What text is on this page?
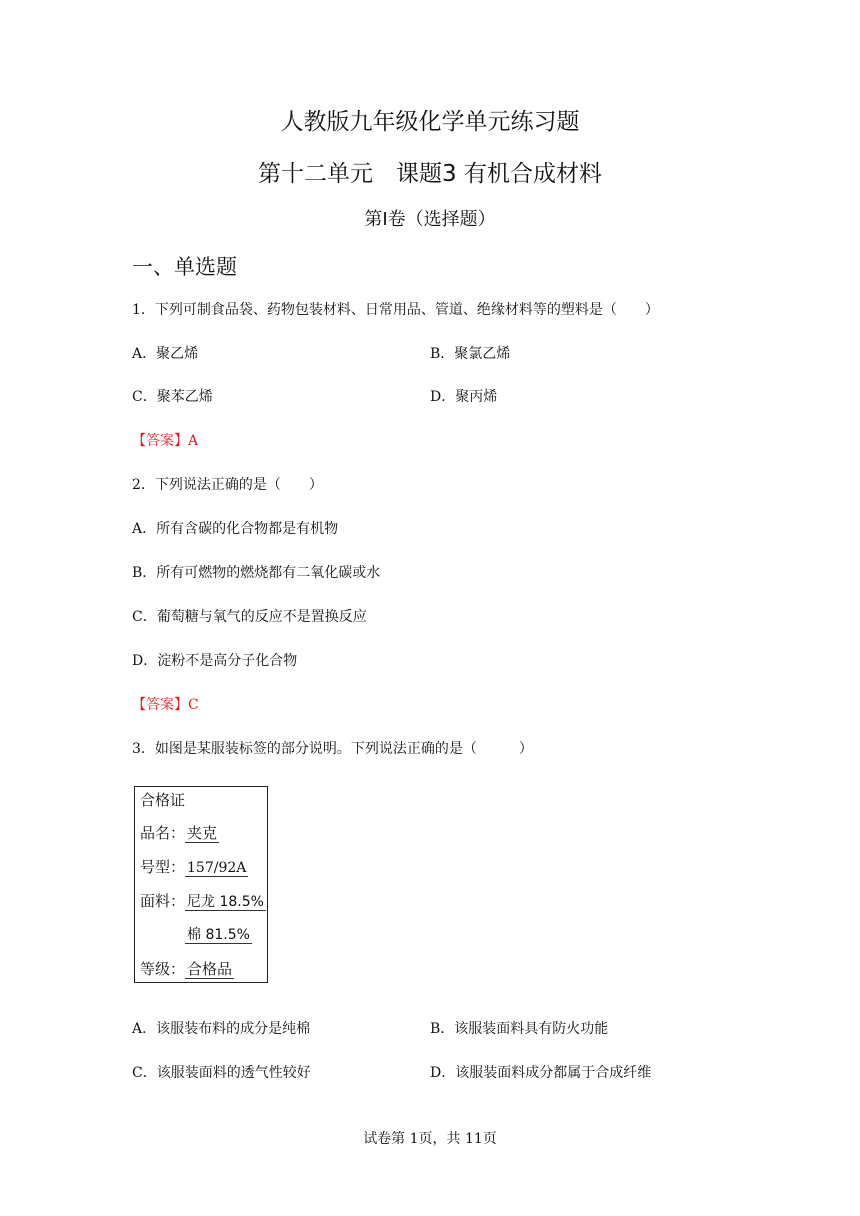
人教版九年级化学单元练习题
第十二单元　课题3 有机合成材料
第Ⅰ卷（选择题）
一、单选题
1．下列可制食品袋、药物包装材料、日常用品、管道、绝缘材料等的塑料是（　　）
A．聚乙烯	B．聚氯乙烯
C．聚苯乙烯	D．聚丙烯
【答案】A
2．下列说法正确的是（　　）
A．所有含碳的化合物都是有机物
B．所有可燃物的燃烧都有二氧化碳或水
C．葡萄糖与氧气的反应不是置换反应
D．淀粉不是高分子化合物
【答案】C
3．如图是某服装标签的部分说明。下列说法正确的是（　　　）
合格证
品名： 夹克
号型： 157/92A
面料： 尼龙 18.5%
棉 81.5%
等级： 合格品
A．该服装布料的成分是纯棉	B．该服装面料具有防火功能
C．该服装面料的透气性较好	D．该服装面料成分都属于合成纤维
试卷第 1页，共 11页
